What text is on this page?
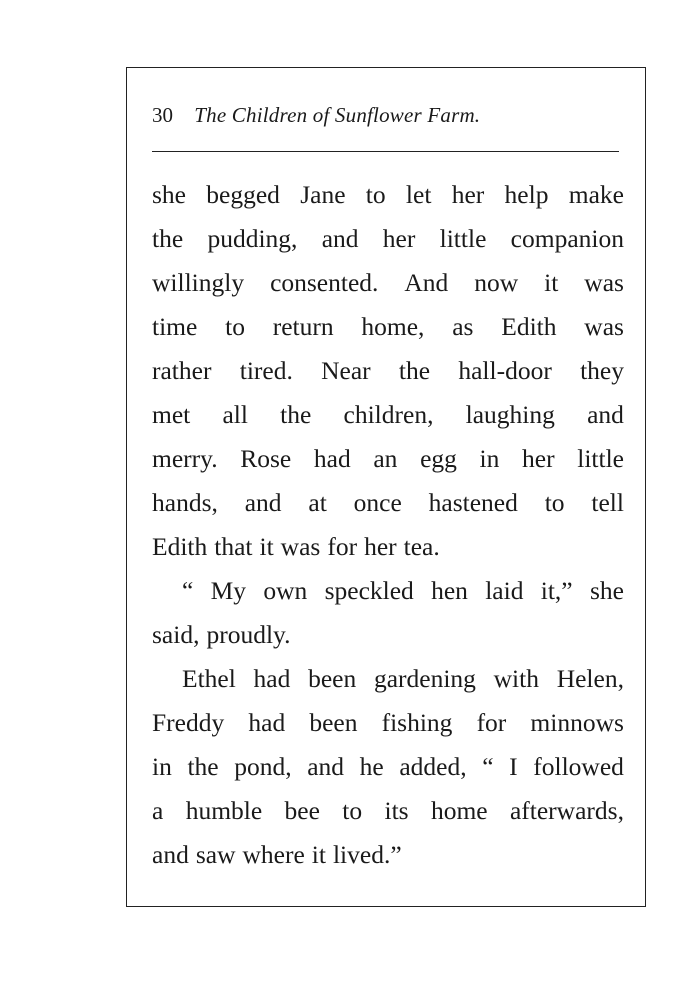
30 The Children of Sunflower Farm.
she begged Jane to let her help make
the pudding, and her little companion
willingly consented. And now it was
time to return home, as Edith was
rather tired. Near the hall-door they
met all the children, laughing and
merry. Rose had an egg in her little
hands, and at once hastened to tell
Edith that it was for her tea.
“ My own speckled hen laid it,” she
said, proudly.
Ethel had been gardening with Helen,
Freddy had been fishing for minnows
in the pond, and he added, “ I followed
a humble bee to its home afterwards,
and saw where it lived.”
